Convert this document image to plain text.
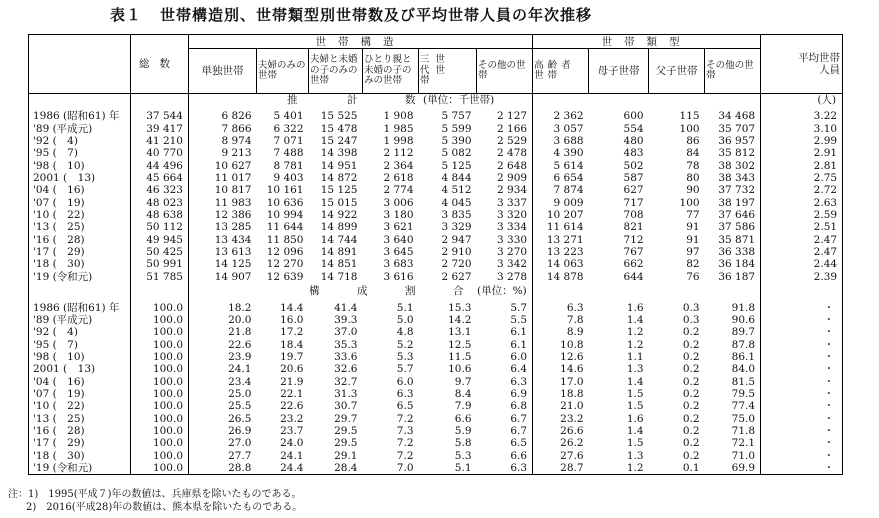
表１ 世帯構造別、世帯類型別世帯数及び平均世帯人員の年次推移
	総数	世帯構造						世帯類型				平均世帯人員
		単独世帯	夫婦のみの世帯	夫婦と未婚の子のみの世帯	ひとり親と未婚の子のみの世帯	三世代世帯	その他の世帯	高齢者世帯	母子世帯	父子世帯	その他の世帯	
		推 計 数 (単位：千世帯)										(人)
1986 (昭和61) 年	37 544	6 826	5 401	15 525	1 908	5 757	2 127	2 362	600	115	34 468	3.22
'89 (平成元)	39 417	7 866	6 322	15 478	1 985	5 599	2 166	3 057	554	100	35 707	3.10
'92 (　4)	41 210	8 974	7 071	15 247	1 998	5 390	2 529	3 688	480	86	36 957	2.99
'95 (　7)	40 770	9 213	7 488	14 398	2 112	5 082	2 478	4 390	483	84	35 812	2.91
'98 (　10)	44 496	10 627	8 781	14 951	2 364	5 125	2 648	5 614	502	78	38 302	2.81
2001 (　13)	45 664	11 017	9 403	14 872	2 618	4 844	2 909	6 654	587	80	38 343	2.75
'04 (　16)	46 323	10 817	10 161	15 125	2 774	4 512	2 934	7 874	627	90	37 732	2.72
'07 (　19)	48 023	11 983	10 636	15 015	3 006	4 045	3 337	9 009	717	100	38 197	2.63
'10 (　22)	48 638	12 386	10 994	14 922	3 180	3 835	3 320	10 207	708	77	37 646	2.59
'13 (　25)	50 112	13 285	11 644	14 899	3 621	3 329	3 334	11 614	821	91	37 586	2.51
'16 (　28)	49 945	13 434	11 850	14 744	3 640	2 947	3 330	13 271	712	91	35 871	2.47
'17 (　29)	50 425	13 613	12 096	14 891	3 645	2 910	3 270	13 223	767	97	36 338	2.47
'18 (　30)	50 991	14 125	12 270	14 851	3 683	2 720	3 342	14 063	662	82	36 184	2.44
'19 (令和元)	51 785	14 907	12 639	14 718	3 616	2 627	3 278	14 878	644	76	36 187	2.39
		構 成 割 合 (単位：%)										
1986 (昭和61) 年	100.0	18.2	14.4	41.4	5.1	15.3	5.7	6.3	1.6	0.3	91.8	・
'89 (平成元)	100.0	20.0	16.0	39.3	5.0	14.2	5.5	7.8	1.4	0.3	90.6	・
'92 (　4)	100.0	21.8	17.2	37.0	4.8	13.1	6.1	8.9	1.2	0.2	89.7	・
'95 (　7)	100.0	22.6	18.4	35.3	5.2	12.5	6.1	10.8	1.2	0.2	87.8	・
'98 (　10)	100.0	23.9	19.7	33.6	5.3	11.5	6.0	12.6	1.1	0.2	86.1	・
2001 (　13)	100.0	24.1	20.6	32.6	5.7	10.6	6.4	14.6	1.3	0.2	84.0	・
'04 (　16)	100.0	23.4	21.9	32.7	6.0	9.7	6.3	17.0	1.4	0.2	81.5	・
'07 (　19)	100.0	25.0	22.1	31.3	6.3	8.4	6.9	18.8	1.5	0.2	79.5	・
'10 (　22)	100.0	25.5	22.6	30.7	6.5	7.9	6.8	21.0	1.5	0.2	77.4	・
'13 (　25)	100.0	26.5	23.2	29.7	7.2	6.6	6.7	23.2	1.6	0.2	75.0	・
'16 (　28)	100.0	26.9	23.7	29.5	7.3	5.9	6.7	26.6	1.4	0.2	71.8	・
'17 (　29)	100.0	27.0	24.0	29.5	7.2	5.8	6.5	26.2	1.5	0.2	72.1	・
'18 (　30)	100.0	27.7	24.1	29.1	7.2	5.3	6.6	27.6	1.3	0.2	71.0	・
'19 (令和元)	100.0	28.8	24.4	28.4	7.0	5.1	6.3	28.7	1.2	0.1	69.9	・
注：1)　1995(平成７)年の数値は、兵庫県を除いたものである。
2)　2016(平成28)年の数値は、熊本県を除いたものである。
